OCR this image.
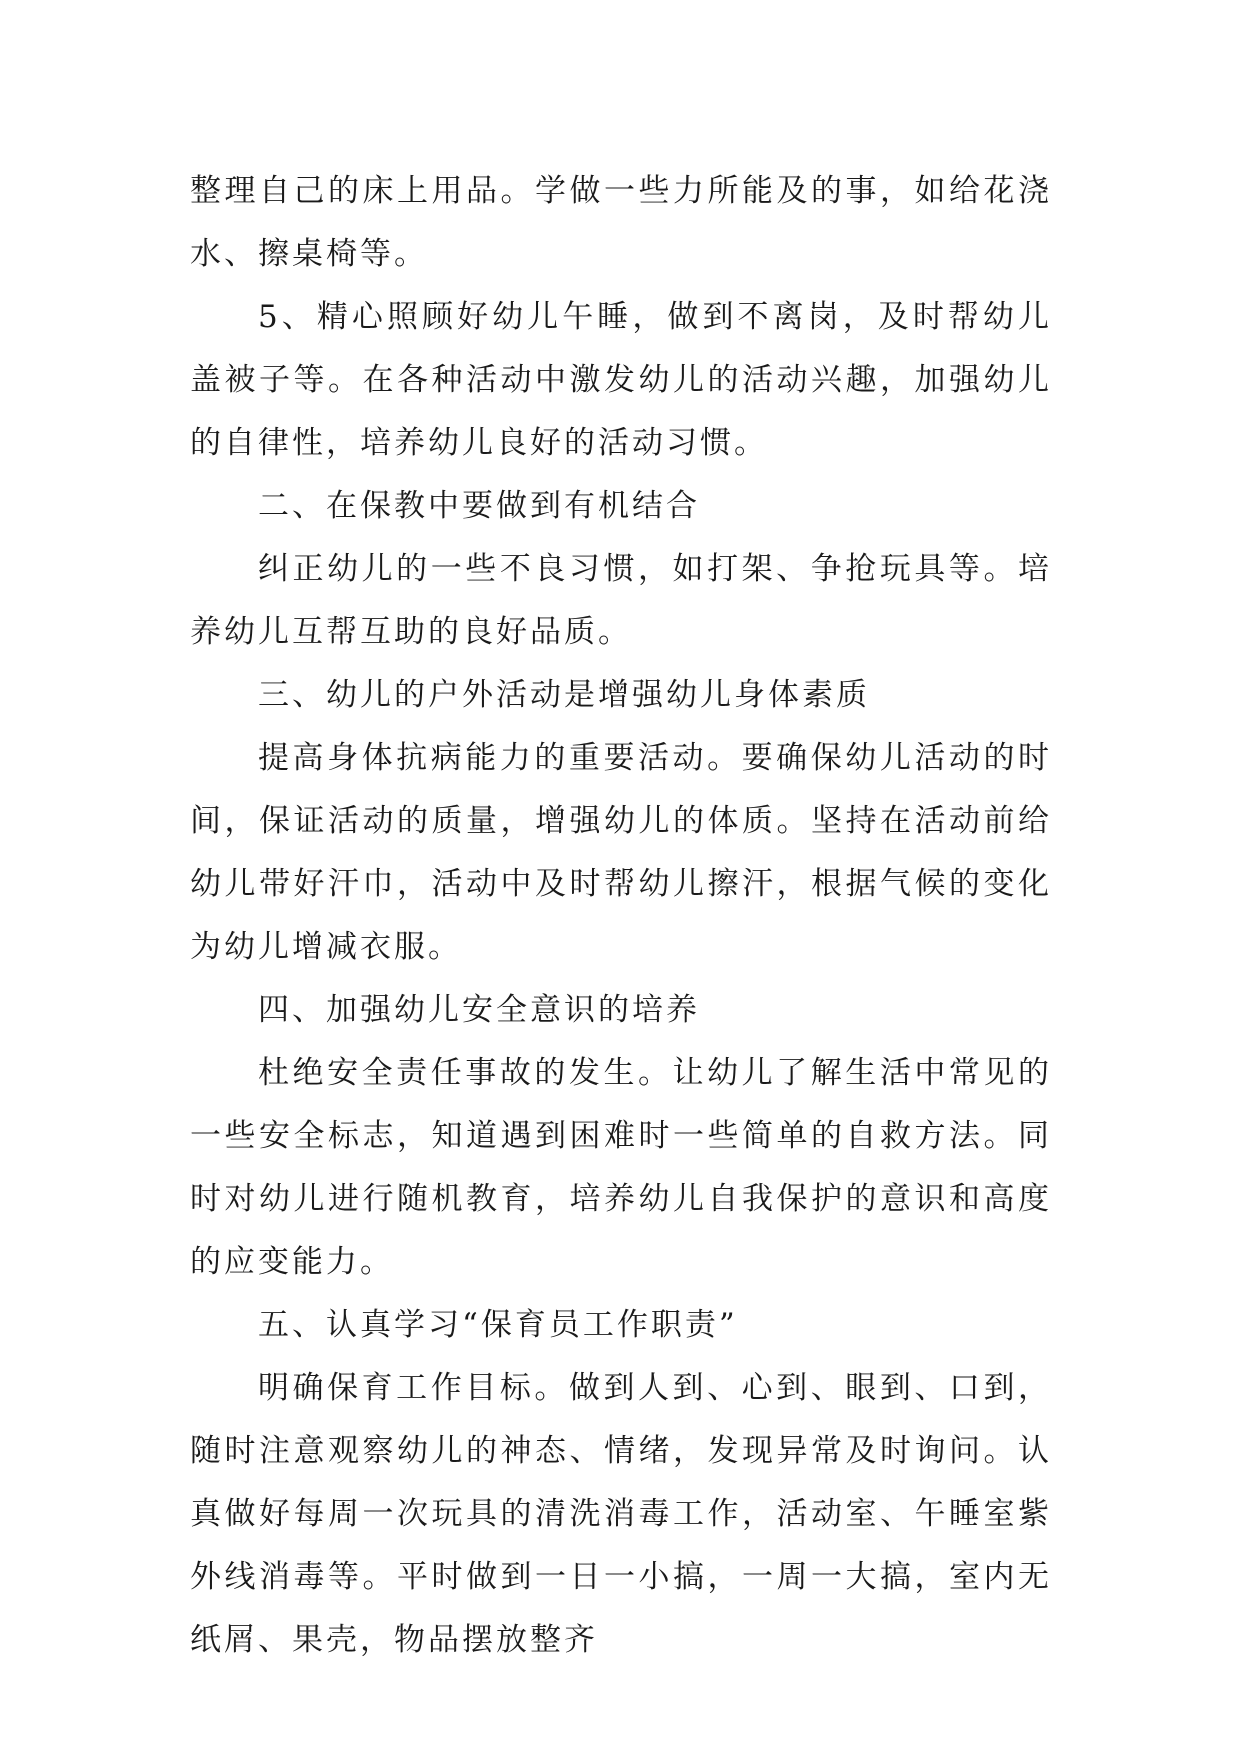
整理自己的床上用品。学做一些力所能及的事，如给花浇水、擦桌椅等。

5、精心照顾好幼儿午睡，做到不离岗，及时帮幼儿盖被子等。在各种活动中激发幼儿的活动兴趣，加强幼儿的自律性，培养幼儿良好的活动习惯。

二、在保教中要做到有机结合

纠正幼儿的一些不良习惯，如打架、争抢玩具等。培养幼儿互帮互助的良好品质。

三、幼儿的户外活动是增强幼儿身体素质

提高身体抗病能力的重要活动。要确保幼儿活动的时间，保证活动的质量，增强幼儿的体质。坚持在活动前给幼儿带好汗巾，活动中及时帮幼儿擦汗，根据气候的变化为幼儿增减衣服。

四、加强幼儿安全意识的培养

杜绝安全责任事故的发生。让幼儿了解生活中常见的一些安全标志，知道遇到困难时一些简单的自救方法。同时对幼儿进行随机教育，培养幼儿自我保护的意识和高度的应变能力。

五、认真学习“保育员工作职责”

明确保育工作目标。做到人到、心到、眼到、口到，随时注意观察幼儿的神态、情绪，发现异常及时询问。认真做好每周一次玩具的清洗消毒工作，活动室、午睡室紫外线消毒等。平时做到一日一小搞，一周一大搞，室内无纸屑、果壳，物品摆放整齐
